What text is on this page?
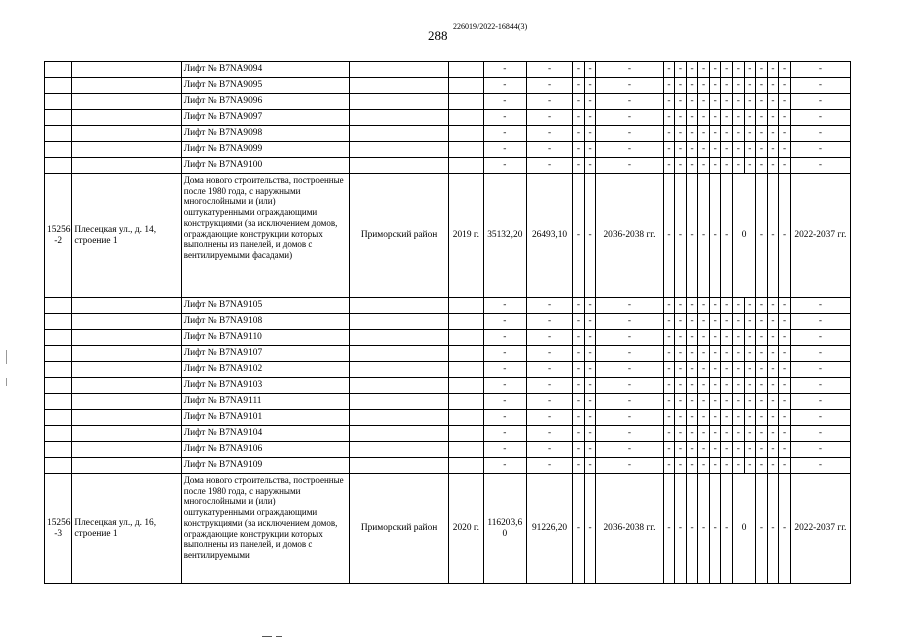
288
226019/2022-16844(3)
		Лифт № B7NA9094			-	-	-	-	-	-	-	-	-	-	-	-	-	-	-	-	-
		Лифт № B7NA9095			-	-	-	-	-	-	-	-	-	-	-	-	-	-	-	-	-
		Лифт № B7NA9096			-	-	-	-	-	-	-	-	-	-	-	-	-	-	-	-	-
		Лифт № B7NA9097			-	-	-	-	-	-	-	-	-	-	-	-	-	-	-	-	-
		Лифт № B7NA9098			-	-	-	-	-	-	-	-	-	-	-	-	-	-	-	-	-
		Лифт № B7NA9099			-	-	-	-	-	-	-	-	-	-	-	-	-	-	-	-	-
		Лифт № B7NA9100			-	-	-	-	-	-	-	-	-	-	-	-	-	-	-	-	-
15256 -2	Плесецкая ул., д. 14, строение 1	Дома нового строительства, построенные после 1980 года, с наружными многослойными и (или) оштукатуренными ограждающими конструкциями (за исключением домов, ограждающие конструкции которых выполнены из панелей, и домов с вентилируемыми фасадами)	Приморский район	2019 г.	35132,20	26493,10	-	-	2036-2038 гг.	-	-	-	-	-	-	0		-	-	-	2022-2037 гг.
		Лифт № B7NA9105			-	-	-	-	-	-	-	-	-	-	-	-	-	-	-	-	-
		Лифт № B7NA9108			-	-	-	-	-	-	-	-	-	-	-	-	-	-	-	-	-
		Лифт № B7NA9110			-	-	-	-	-	-	-	-	-	-	-	-	-	-	-	-	-
		Лифт № B7NA9107			-	-	-	-	-	-	-	-	-	-	-	-	-	-	-	-	-
		Лифт № B7NA9102			-	-	-	-	-	-	-	-	-	-	-	-	-	-	-	-	-
		Лифт № B7NA9103			-	-	-	-	-	-	-	-	-	-	-	-	-	-	-	-	-
		Лифт № B7NA9111			-	-	-	-	-	-	-	-	-	-	-	-	-	-	-	-	-
		Лифт № B7NA9101			-	-	-	-	-	-	-	-	-	-	-	-	-	-	-	-	-
		Лифт № B7NA9104			-	-	-	-	-	-	-	-	-	-	-	-	-	-	-	-	-
		Лифт № B7NA9106			-	-	-	-	-	-	-	-	-	-	-	-	-	-	-	-	-
		Лифт № B7NA9109			-	-	-	-	-	-	-	-	-	-	-	-	-	-	-	-	-
15256 -3	Плесецкая ул., д. 16, строение 1	Дома нового строительства, построенные после 1980 года, с наружными многослойными и (или) оштукатуренными ограждающими конструкциями (за исключением домов, ограждающие конструкции которых выполнены из панелей, и домов с вентилируемыми	Приморский район	2020 г.	116203,6 0	91226,20	-	-	2036-2038 гг.	-	-	-	-	-	-	0		-	-	-	2022-2037 гг.
